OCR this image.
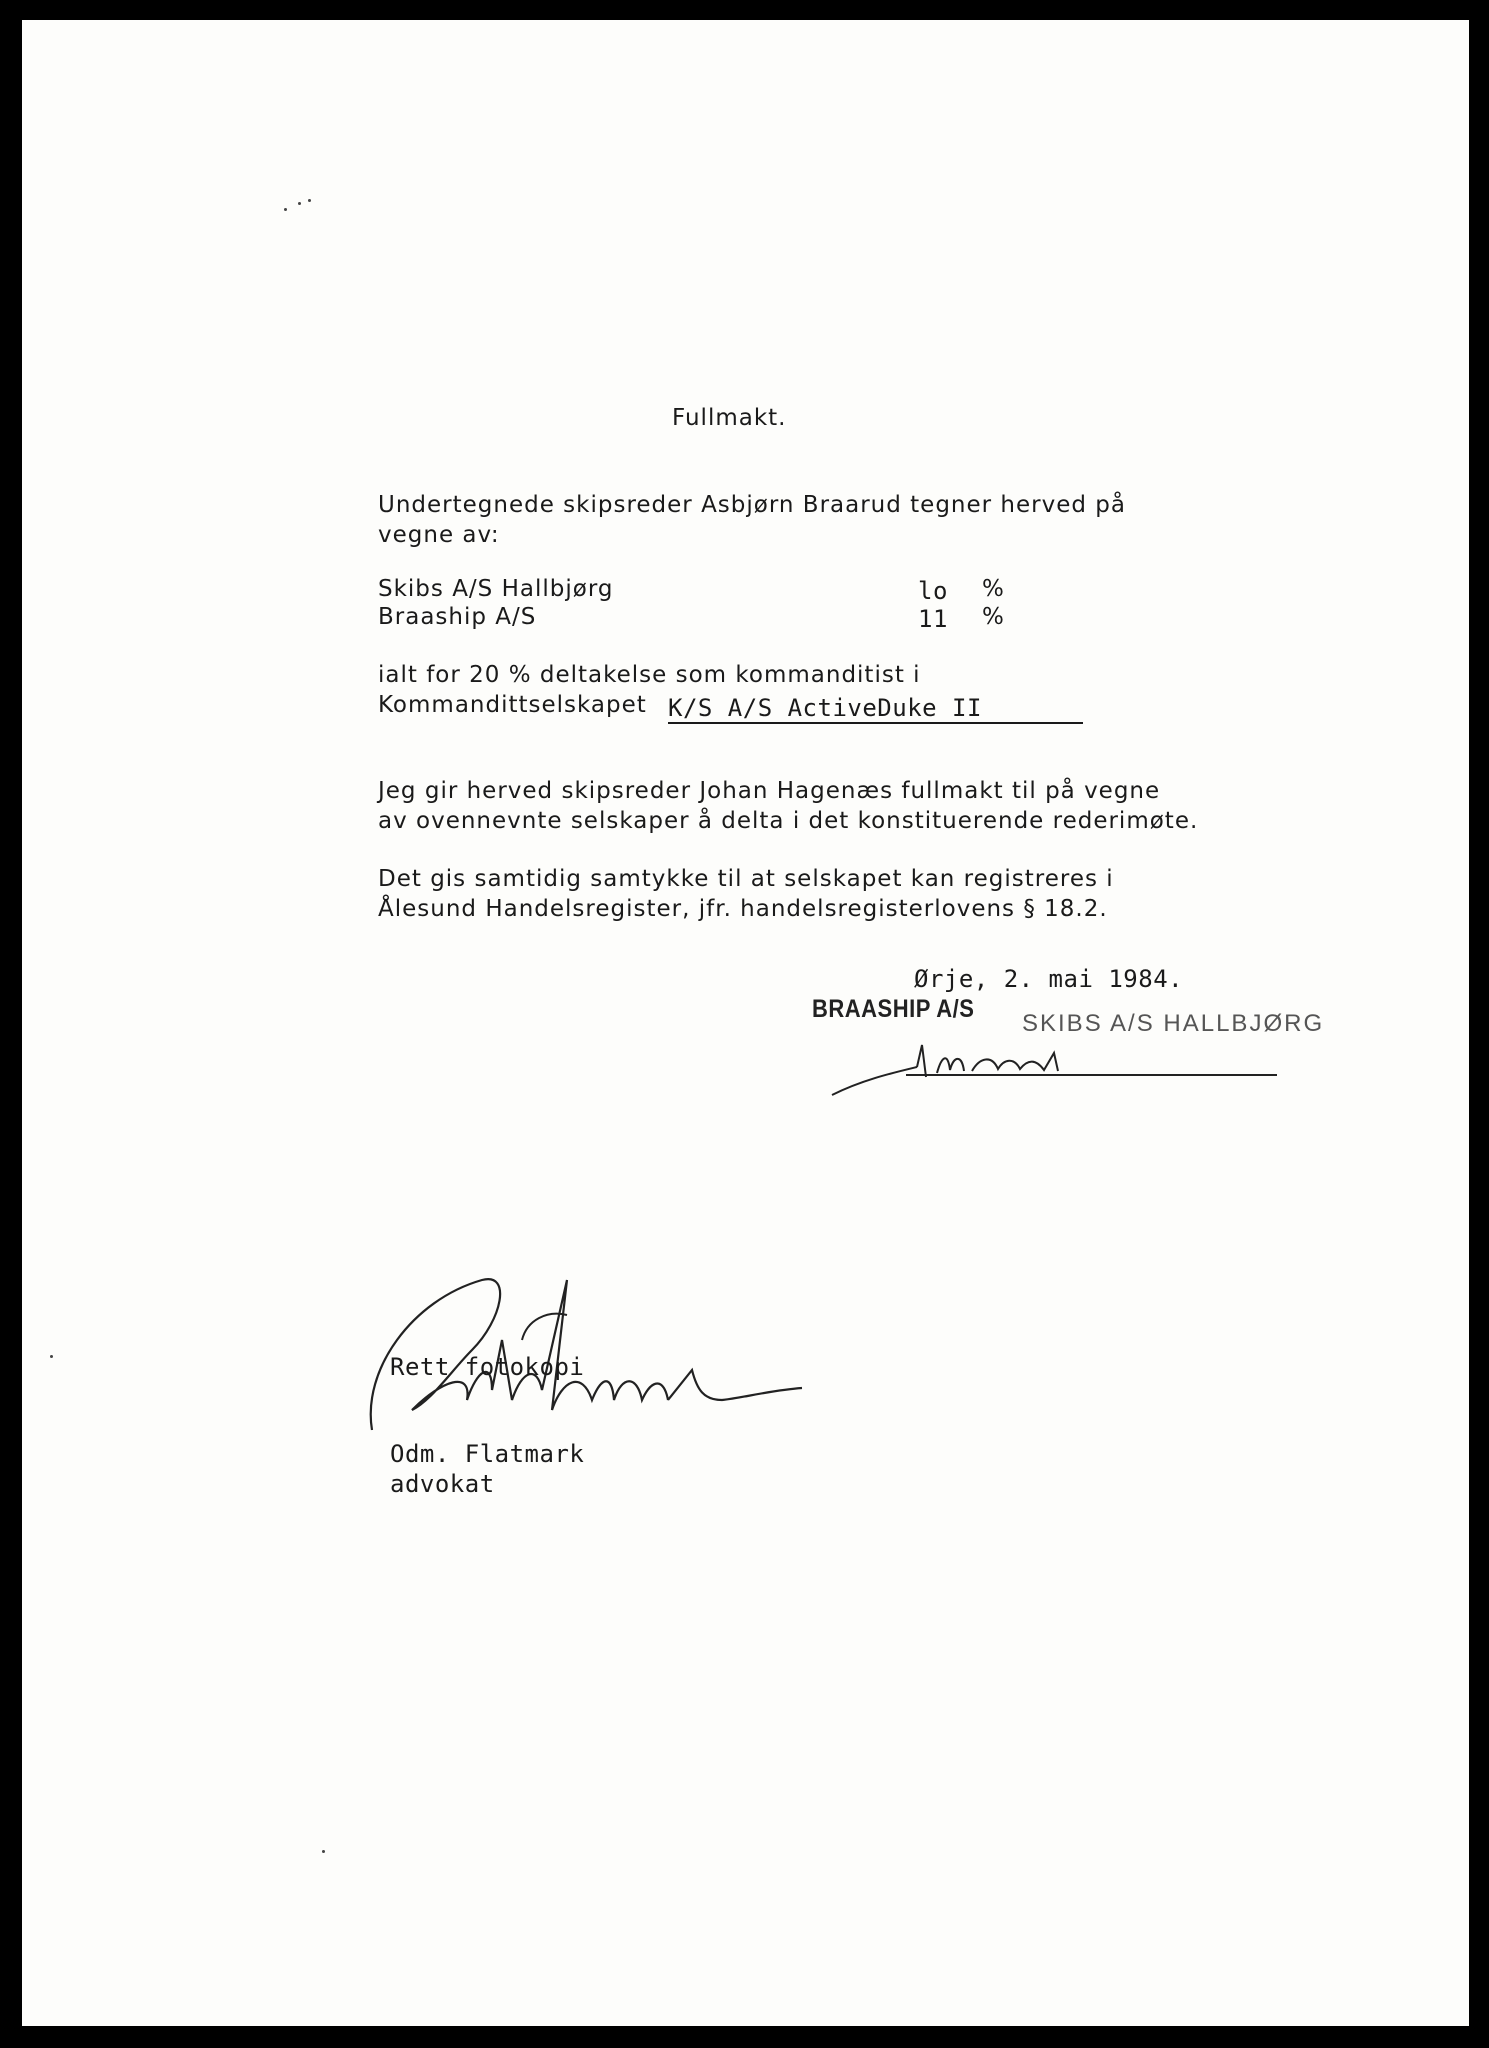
Fullmakt.
Undertegnede skipsreder Asbjørn Braarud tegner herved på
vegne av:
Skibs A/S Hallbjørg	lo %
Braaship A/S	11 %
ialt for 20 % deltakelse som kommanditist i
Kommandittselskapet K/S A/S ActiveDuke II
Jeg gir herved skipsreder Johan Hagenæs fullmakt til på vegne
av ovennevnte selskaper å delta i det konstituerende rederimøte.
Det gis samtidig samtykke til at selskapet kan registreres i
Ålesund Handelsregister, jfr. handelsregisterlovens § 18.2.
Ørje, 2. mai 1984.
BRAASHIP A/S
SKIBS A/S HALLBJØRG
Rett fotokopi
Odm. Flatmark
advokat
